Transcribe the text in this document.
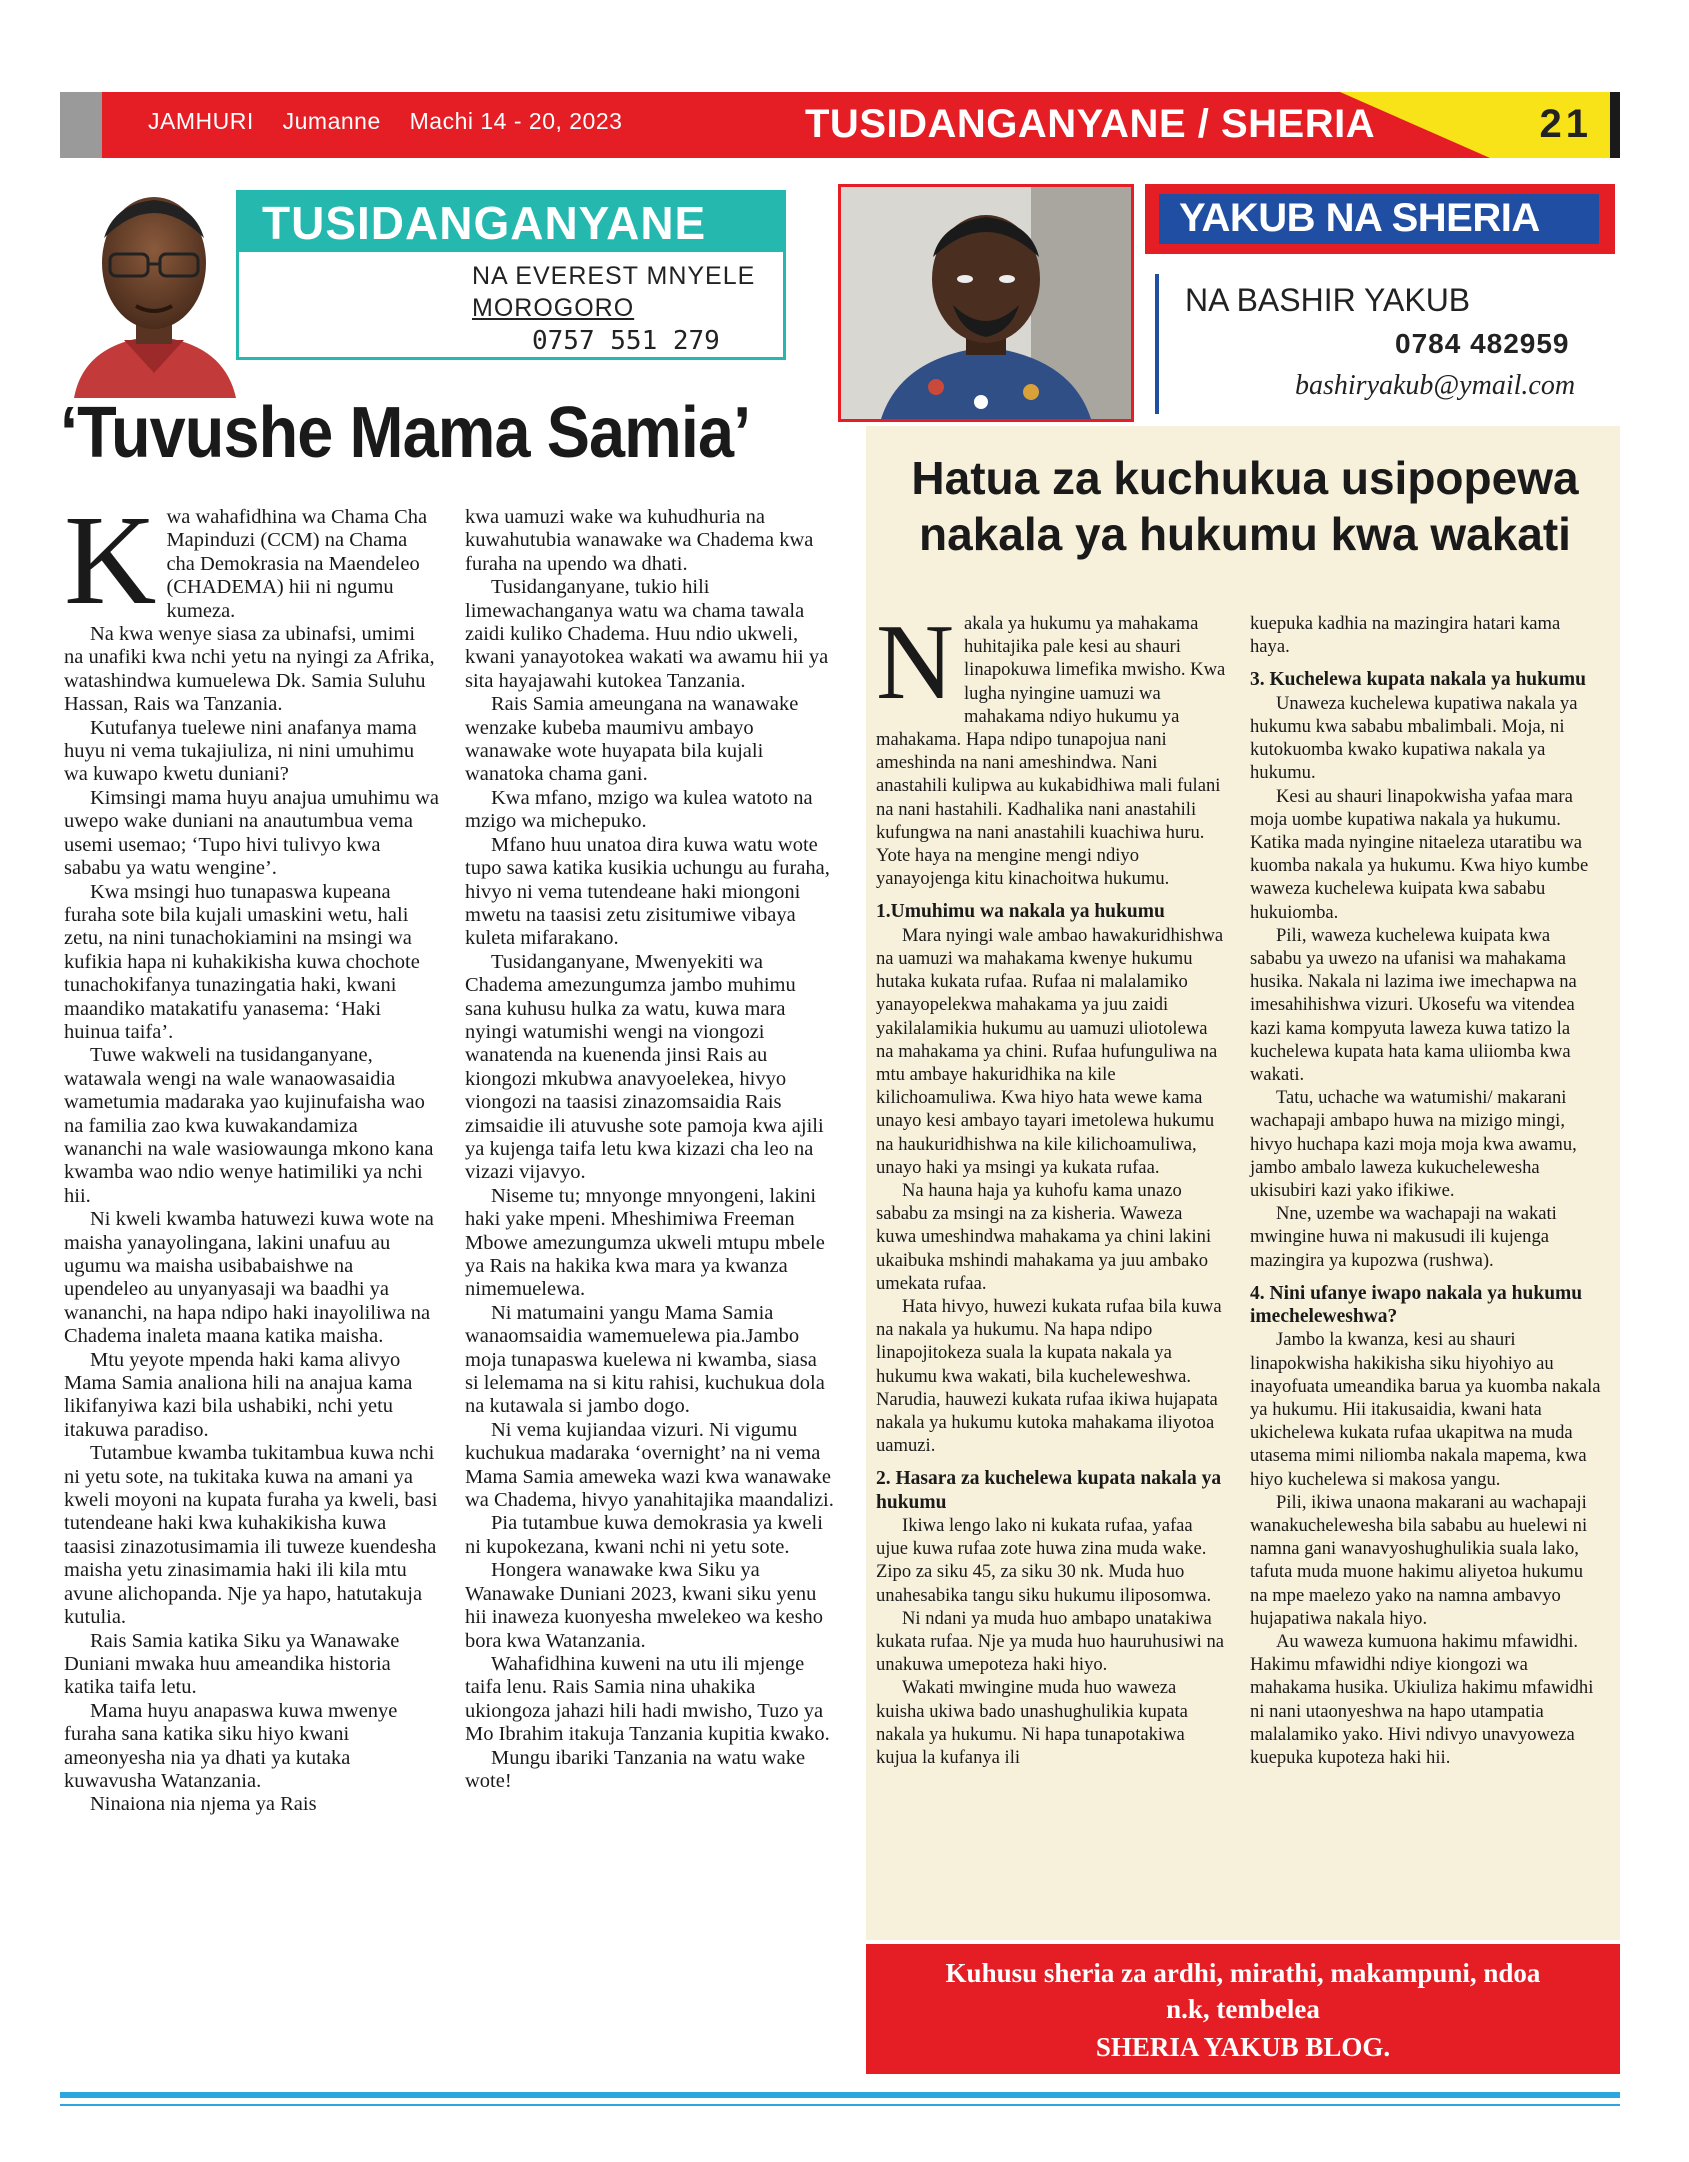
JAMHURI Jumanne Machi 14 - 20, 2023	TUSIDANGANYANE / SHERIA	21
TUSIDANGANYANE
NA EVEREST MNYELE
MOROGORO
0757 551 279
‘Tuvushe Mama Samia’
K wa wahafidhina wa Chama Cha Mapinduzi (CCM) na Chama cha Demokrasia na Maendeleo (CHADEMA) hii ni ngumu kumeza.

Na kwa wenye siasa za ubinafsi, umimi na unafiki kwa nchi yetu na nyingi za Afrika, watashindwa kumuelewa Dk. Samia Suluhu Hassan, Rais wa Tanzania.

Kutufanya tuelewe nini anafanya mama huyu ni vema tukajiuliza, ni nini umuhimu wa kuwapo kwetu duniani?

Kimsingi mama huyu anajua umuhimu wa uwepo wake duniani na anautumbua vema usemi usemao; ‘Tupo hivi tulivyo kwa sababu ya watu wengine’.

Kwa msingi huo tunapaswa kupeana furaha sote bila kujali umaskini wetu, hali zetu, na nini tunachokiamini na msingi wa kufikia hapa ni kuhakikisha kuwa chochote tunachokifanya tunazingatia haki, kwani maandiko matakatifu yanasema: ‘Haki huinua taifa’.

Tuwe wakweli na tusidanganyane, watawala wengi na wale wanaowasaidia wametumia madaraka yao kujinufaisha wao na familia zao kwa kuwakandamiza wananchi na wale wasiowaunga mkono kana kwamba wao ndio wenye hatimiliki ya nchi hii.

Ni kweli kwamba hatuwezi kuwa wote na maisha yanayolingana, lakini unafuu au ugumu wa maisha usibabaishwe na upendeleo au unyanyasaji wa baadhi ya wananchi, na hapa ndipo haki inayoliliwa na Chadema inaleta maana katika maisha.

Mtu yeyote mpenda haki kama alivyo Mama Samia analiona hili na anajua kama likifanyiwa kazi bila ushabiki, nchi yetu itakuwa paradiso.

Tutambue kwamba tukitambua kuwa nchi ni yetu sote, na tukitaka kuwa na amani ya kweli moyoni na kupata furaha ya kweli, basi tutendeane haki kwa kuhakikisha kuwa taasisi zinazotusimamia ili tuweze kuendesha maisha yetu zinasimamia haki ili kila mtu avune alichopanda. Nje ya hapo, hatutakuja kutulia.

Rais Samia katika Siku ya Wanawake Duniani mwaka huu ameandika historia katika taifa letu.

Mama huyu anapaswa kuwa mwenye furaha sana katika siku hiyo kwani ameonyesha nia ya dhati ya kutaka kuwavusha Watanzania.

Ninaiona nia njema ya Rais

kwa uamuzi wake wa kuhudhuria na kuwahutubia wanawake wa Chadema kwa furaha na upendo wa dhati.

Tusidanganyane, tukio hili limewachanganya watu wa chama tawala zaidi kuliko Chadema. Huu ndio ukweli, kwani yanayotokea wakati wa awamu hii ya sita hayajawahi kutokea Tanzania.

Rais Samia ameungana na wanawake wenzake kubeba maumivu ambayo wanawake wote huyapata bila kujali wanatoka chama gani.

Kwa mfano, mzigo wa kulea watoto na mzigo wa michepuko.

Mfano huu unatoa dira kuwa watu wote tupo sawa katika kusikia uchungu au furaha, hivyo ni vema tutendeane haki miongoni mwetu na taasisi zetu zisitumiwe vibaya kuleta mifarakano.

Tusidanganyane, Mwenyekiti wa Chadema amezungumza jambo muhimu sana kuhusu hulka za watu, kuwa mara nyingi watumishi wengi na viongozi wanatenda na kuenenda jinsi Rais au kiongozi mkubwa anavyoelekea, hivyo viongozi na taasisi zinazomsaidia Rais zimsaidie ili atuvushe sote pamoja kwa ajili ya kujenga taifa letu kwa kizazi cha leo na vizazi vijavyo.

Niseme tu; mnyonge mnyongeni, lakini haki yake mpeni. Mheshimiwa Freeman Mbowe amezungumza ukweli mtupu mbele ya Rais na hakika kwa mara ya kwanza nimemuelewa.

Ni matumaini yangu Mama Samia wanaomsaidia wamemuelewa pia.Jambo moja tunapaswa kuelewa ni kwamba, siasa si lelemama na si kitu rahisi, kuchukua dola na kutawala si jambo dogo.

Ni vema kujiandaa vizuri. Ni vigumu kuchukua madaraka ‘overnight’ na ni vema Mama Samia ameweka wazi kwa wanawake wa Chadema, hivyo yanahitajika maandalizi.

Pia tutambue kuwa demokrasia ya kweli ni kupokezana, kwani nchi ni yetu sote.

Hongera wanawake kwa Siku ya Wanawake Duniani 2023, kwani siku yenu hii inaweza kuonyesha mwelekeo wa kesho bora kwa Watanzania.

Wahafidhina kuweni na utu ili mjenge taifa lenu. Rais Samia nina uhakika ukiongoza jahazi hili hadi mwisho, Tuzo ya Mo Ibrahim itakuja Tanzania kupitia kwako.

Mungu ibariki Tanzania na watu wake wote!

YAKUB NA SHERIA
NA BASHIR YAKUB
0784 482959
bashiryakub@ymail.com
Hatua za kuchukua usipopewa
nakala ya hukumu kwa wakati
N akala ya hukumu ya mahakama huhitajika pale kesi au shauri linapokuwa limefika mwisho. Kwa lugha nyingine uamuzi wa mahakama ndiyo hukumu ya mahakama. Hapa ndipo tunapojua nani ameshinda na nani ameshindwa. Nani anastahili kulipwa au kukabidhiwa mali fulani na nani hastahili. Kadhalika nani anastahili kufungwa na nani anastahili kuachiwa huru. Yote haya na mengine mengi ndiyo yanayojenga kitu kinachoitwa hukumu.

1.Umuhimu wa nakala ya hukumu

Mara nyingi wale ambao hawakuridhishwa na uamuzi wa mahakama kwenye hukumu hutaka kukata rufaa. Rufaa ni malalamiko yanayopelekwa mahakama ya juu zaidi yakilalamikia hukumu au uamuzi uliotolewa na mahakama ya chini. Rufaa hufunguliwa na mtu ambaye hakuridhika na kile kilichoamuliwa. Kwa hiyo hata wewe kama unayo kesi ambayo tayari imetolewa hukumu na haukuridhishwa na kile kilichoamuliwa, unayo haki ya msingi ya kukata rufaa.

Na hauna haja ya kuhofu kama unazo sababu za msingi na za kisheria. Waweza kuwa umeshindwa mahakama ya chini lakini ukaibuka mshindi mahakama ya juu ambako umekata rufaa.

Hata hivyo, huwezi kukata rufaa bila kuwa na nakala ya hukumu. Na hapa ndipo linapojitokeza suala la kupata nakala ya hukumu kwa wakati, bila kucheleweshwa. Narudia, hauwezi kukata rufaa ikiwa hujapata nakala ya hukumu kutoka mahakama iliyotoa uamuzi.

2. Hasara za kuchelewa kupata nakala ya hukumu

Ikiwa lengo lako ni kukata rufaa, yafaa ujue kuwa rufaa zote huwa zina muda wake. Zipo za siku 45, za siku 30 nk. Muda huo unahesabika tangu siku hukumu iliposomwa.

Ni ndani ya muda huo ambapo unatakiwa kukata rufaa. Nje ya muda huo hauruhusiwi na unakuwa umepoteza haki hiyo.

Wakati mwingine muda huo waweza kuisha ukiwa bado unashughulikia kupata nakala ya hukumu. Ni hapa tunapotakiwa kujua la kufanya ili

kuepuka kadhia na mazingira hatari kama haya.

3. Kuchelewa kupata nakala ya hukumu

Unaweza kuchelewa kupatiwa nakala ya hukumu kwa sababu mbalimbali. Moja, ni kutokuomba kwako kupatiwa nakala ya hukumu.

Kesi au shauri linapokwisha yafaa mara moja uombe kupatiwa nakala ya hukumu. Katika mada nyingine nitaeleza utaratibu wa kuomba nakala ya hukumu. Kwa hiyo kumbe waweza kuchelewa kuipata kwa sababu hukuiomba.

Pili, waweza kuchelewa kuipata kwa sababu ya uwezo na ufanisi wa mahakama husika. Nakala ni lazima iwe imechapwa na imesahihishwa vizuri. Ukosefu wa vitendea kazi kama kompyuta laweza kuwa tatizo la kuchelewa kupata hata kama uliiomba kwa wakati.

Tatu, uchache wa watumishi/ makarani wachapaji ambapo huwa na mizigo mingi, hivyo huchapa kazi moja moja kwa awamu, jambo ambalo laweza kukucheleweshа ukisubiri kazi yako ifikiwe.

Nne, uzembe wa wachapaji na wakati mwingine huwa ni makusudi ili kujenga mazingira ya kupozwa (rushwa).

4. Nini ufanye iwapo nakala ya hukumu imecheleweshwa?

Jambo la kwanza, kesi au shauri linapokwisha hakikisha siku hiyohiyo au inayofuata umeandika barua ya kuomba nakala ya hukumu. Hii itakusaidia, kwani hata ukichelewa kukata rufaa ukapitwa na muda utasema mimi niliomba nakala mapema, kwa hiyo kuchelewa si makosa yangu.

Pili, ikiwa unaona makarani au wachapaji wanakuchelewesha bila sababu au huelewi ni namna gani wanavyoshughulikia suala lako, tafuta muda muone hakimu aliyetoa hukumu na mpe maelezo yako na namna ambavyo hujapatiwa nakala hiyo.

Au waweza kumuona hakimu mfawidhi. Hakimu mfawidhi ndiye kiongozi wa mahakama husika. Ukiuliza hakimu mfawidhi ni nani utaonyeshwa na hapo utampatia malalamiko yako. Hivi ndivyo unavyoweza kuepuka kupoteza haki hii.

Kuhusu sheria za ardhi, mirathi, makampuni, ndoa
n.k, tembelea
SHERIA YAKUB BLOG.
